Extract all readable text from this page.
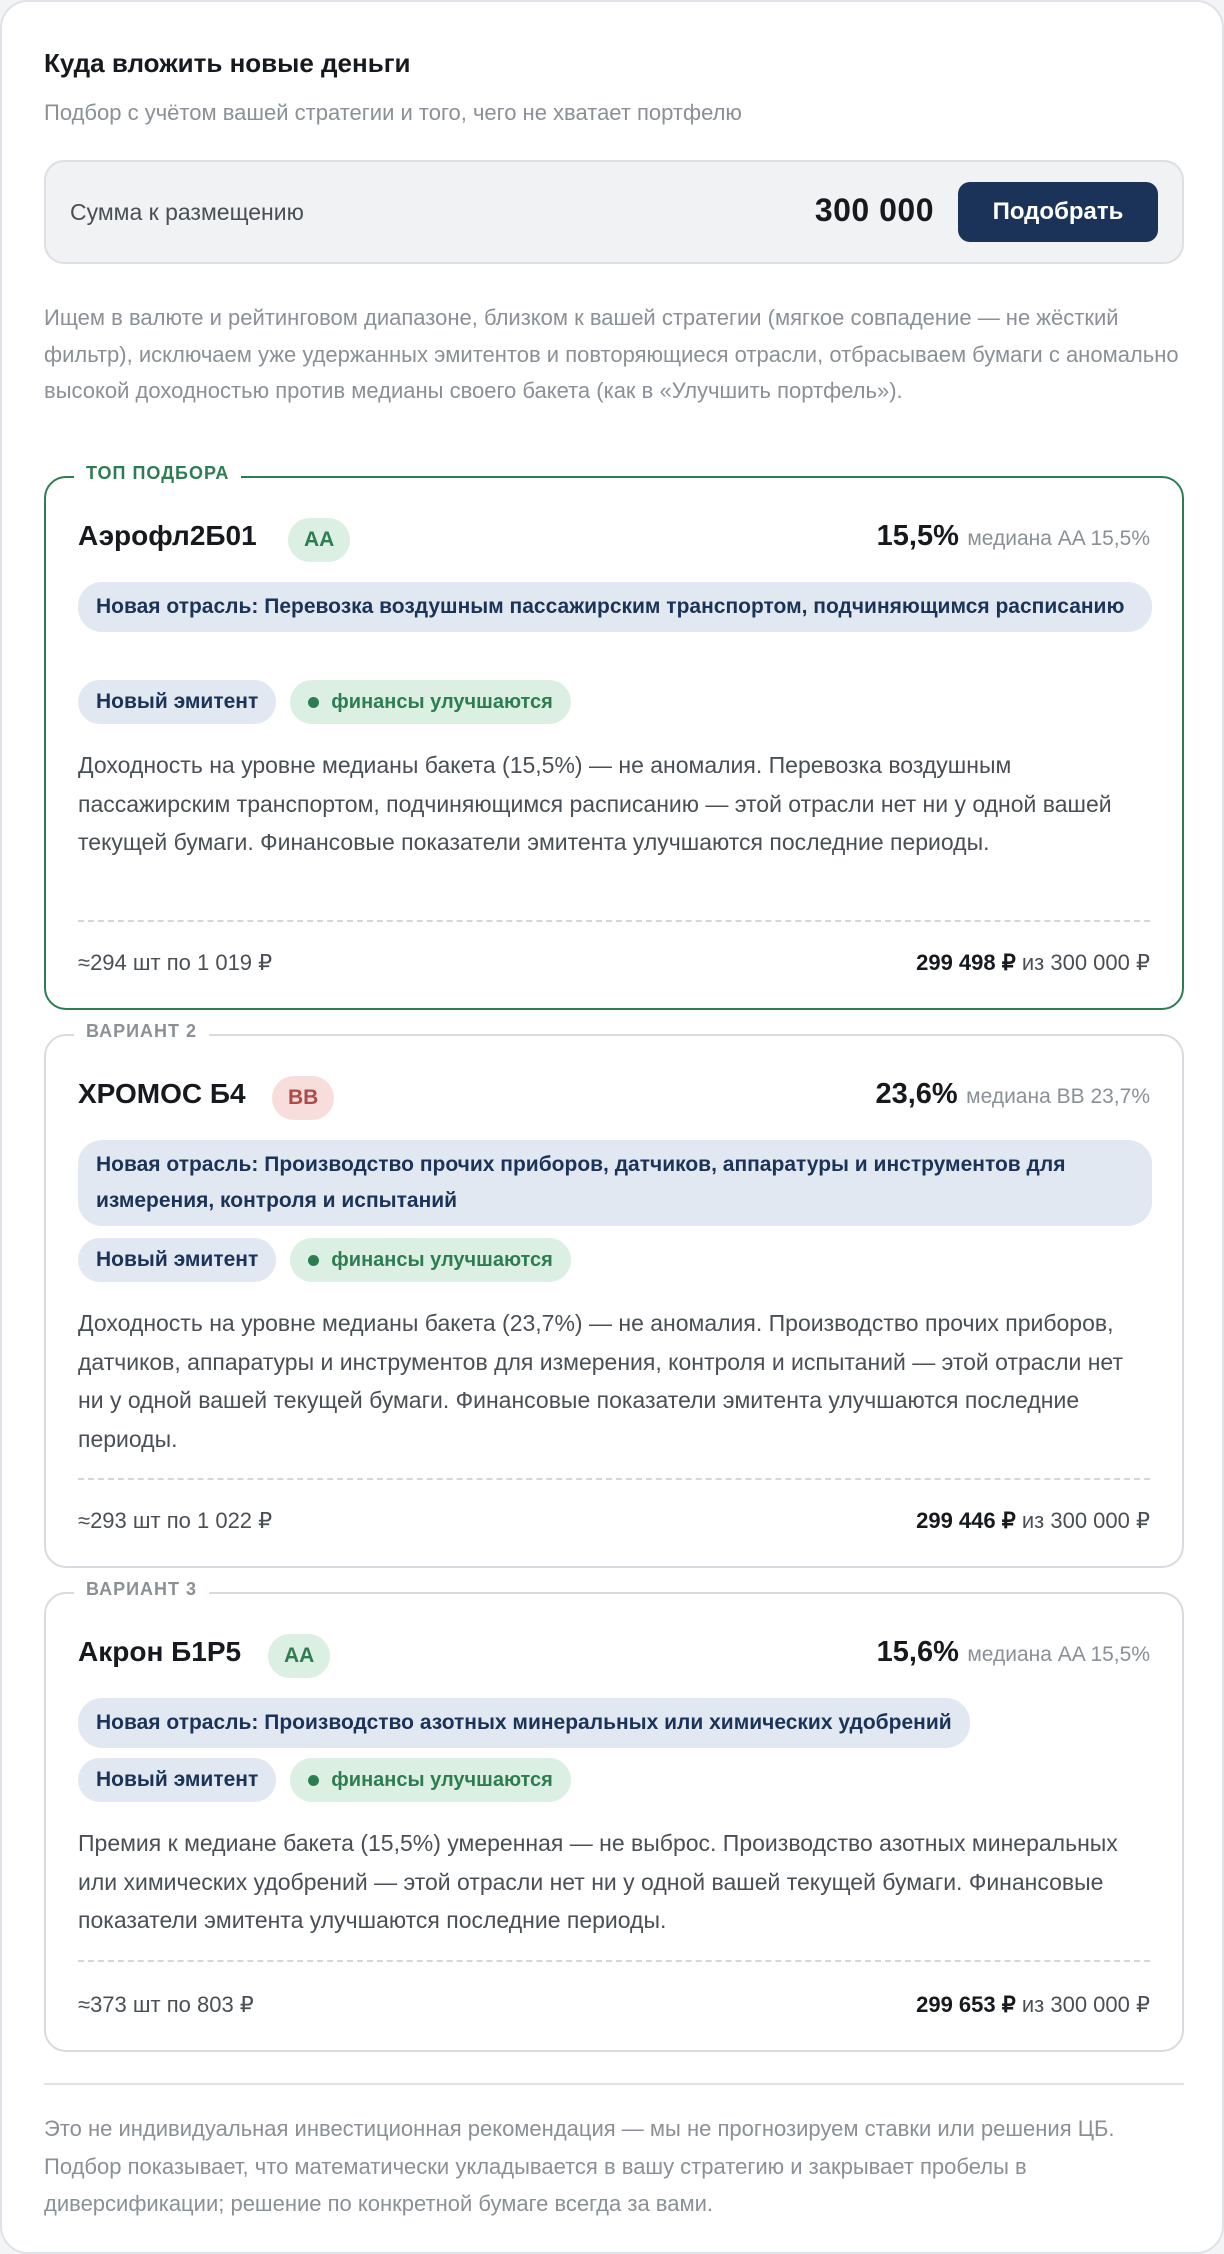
Куда вложить новые деньги
Подбор с учётом вашей стратегии и того, чего не хватает портфелю
Сумма к размещению	300 000	Подобрать
Ищем в валюте и рейтинговом диапазоне, близком к вашей стратегии (мягкое совпадение — не жёсткий фильтр), исключаем уже удержанных эмитентов и повторяющиеся отрасли, отбрасываем бумаги с аномально высокой доходностью против медианы своего бакета (как в «Улучшить портфель»).
ТОП ПОДБОРА
Аэрофл2Б01	AA	15,5% медиана AA 15,5%
Новая отрасль: Перевозка воздушным пассажирским транспортом, подчиняющимся расписанию
Новый эмитент	финансы улучшаются
Доходность на уровне медианы бакета (15,5%) — не аномалия. Перевозка воздушным пассажирским транспортом, подчиняющимся расписанию — этой отрасли нет ни у одной вашей текущей бумаги. Финансовые показатели эмитента улучшаются последние периоды.
≈294 шт по 1 019 ₽	299 498 ₽ из 300 000 ₽
ВАРИАНТ 2
ХРОМОС Б4	BB	23,6% медиана BB 23,7%
Новая отрасль: Производство прочих приборов, датчиков, аппаратуры и инструментов для измерения, контроля и испытаний
Новый эмитент	финансы улучшаются
Доходность на уровне медианы бакета (23,7%) — не аномалия. Производство прочих приборов, датчиков, аппаратуры и инструментов для измерения, контроля и испытаний — этой отрасли нет ни у одной вашей текущей бумаги. Финансовые показатели эмитента улучшаются последние периоды.
≈293 шт по 1 022 ₽	299 446 ₽ из 300 000 ₽
ВАРИАНТ 3
Акрон Б1Р5	AA	15,6% медиана AA 15,5%
Новая отрасль: Производство азотных минеральных или химических удобрений
Новый эмитент	финансы улучшаются
Премия к медиане бакета (15,5%) умеренная — не выброс. Производство азотных минеральных или химических удобрений — этой отрасли нет ни у одной вашей текущей бумаги. Финансовые показатели эмитента улучшаются последние периоды.
≈373 шт по 803 ₽	299 653 ₽ из 300 000 ₽
Это не индивидуальная инвестиционная рекомендация — мы не прогнозируем ставки или решения ЦБ. Подбор показывает, что математически укладывается в вашу стратегию и закрывает пробелы в диверсификации; решение по конкретной бумаге всегда за вами.
